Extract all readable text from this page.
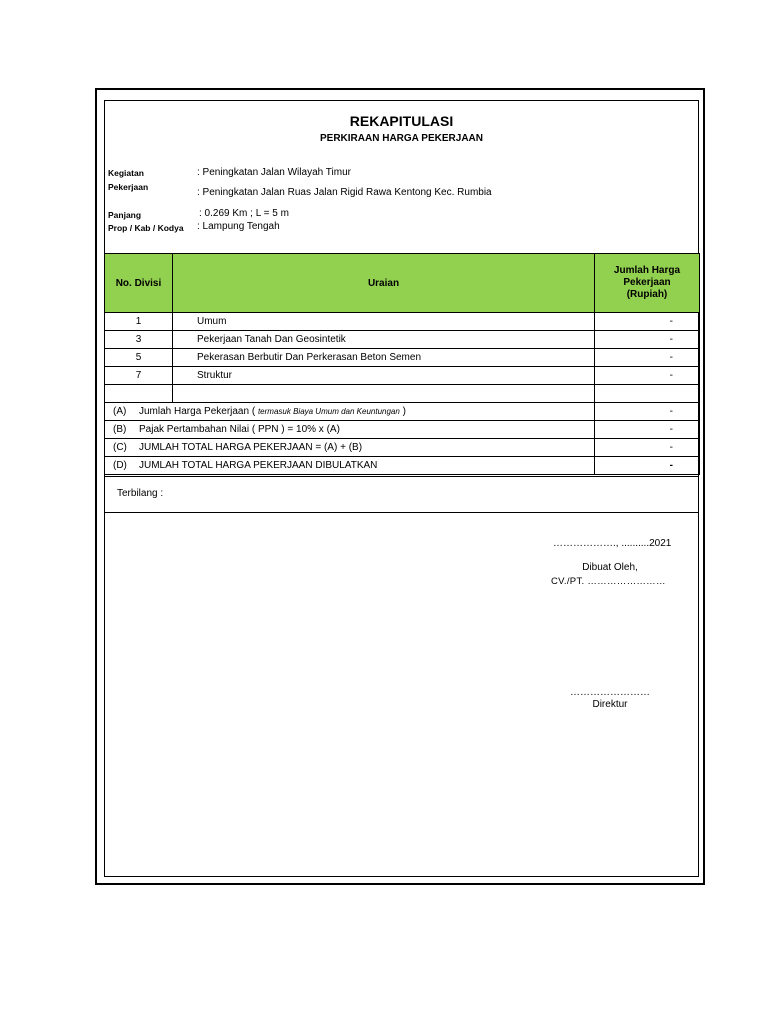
REKAPITULASI
PERKIRAAN HARGA PEKERJAAN
Kegiatan	: Peningkatan Jalan Wilayah Timur
Pekerjaan	: Peningkatan Jalan Ruas Jalan Rigid Rawa Kentong Kec. Rumbia
Panjang	: 0.269 Km ; L = 5 m
Prop / Kab / Kodya : Lampung Tengah
No. Divisi	Uraian	Jumlah Harga
Pekerjaan
(Rupiah)
1	Umum	-
3	Pekerjaan Tanah Dan Geosintetik	-
5	Pekerasan Berbutir Dan Perkerasan Beton Semen	-
7	Struktur	-

(A) Jumlah Harga Pekerjaan ( termasuk Biaya Umum dan Keuntungan )		-
(B) Pajak Pertambahan Nilai ( PPN ) = 10% x (A)		-
(C) JUMLAH TOTAL HARGA PEKERJAAN = (A) + (B)		-
(D) JUMLAH TOTAL HARGA PEKERJAAN DIBULATKAN		-
Terbilang :
………………., ..........2021
Dibuat Oleh,
CV./PT. ……………………
……………………
Direktur
